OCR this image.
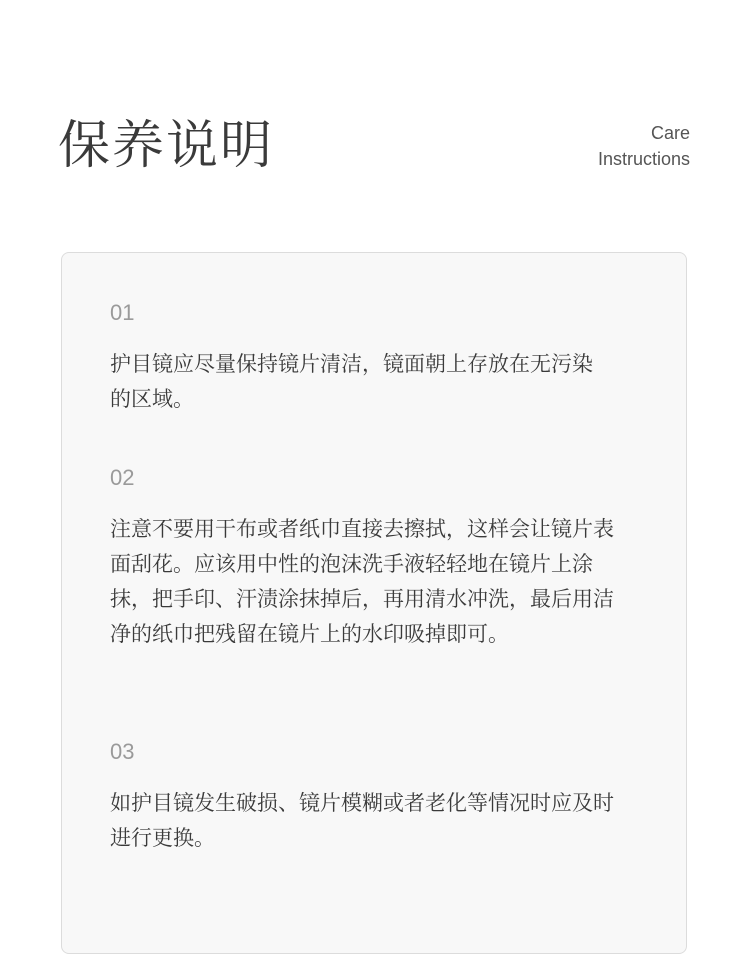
保养说明	Care
Instructions

01

护目镜应尽量保持镜片清洁，镜面朝上存放在无污染的区域。

02

注意不要用干布或者纸巾直接去擦拭，这样会让镜片表面刮花。应该用中性的泡沫洗手液轻轻地在镜片上涂抹，把手印、汗渍涂抹掉后，再用清水冲洗，最后用洁净的纸巾把残留在镜片上的水印吸掉即可。

03

如护目镜发生破损、镜片模糊或者老化等情况时应及时进行更换。
